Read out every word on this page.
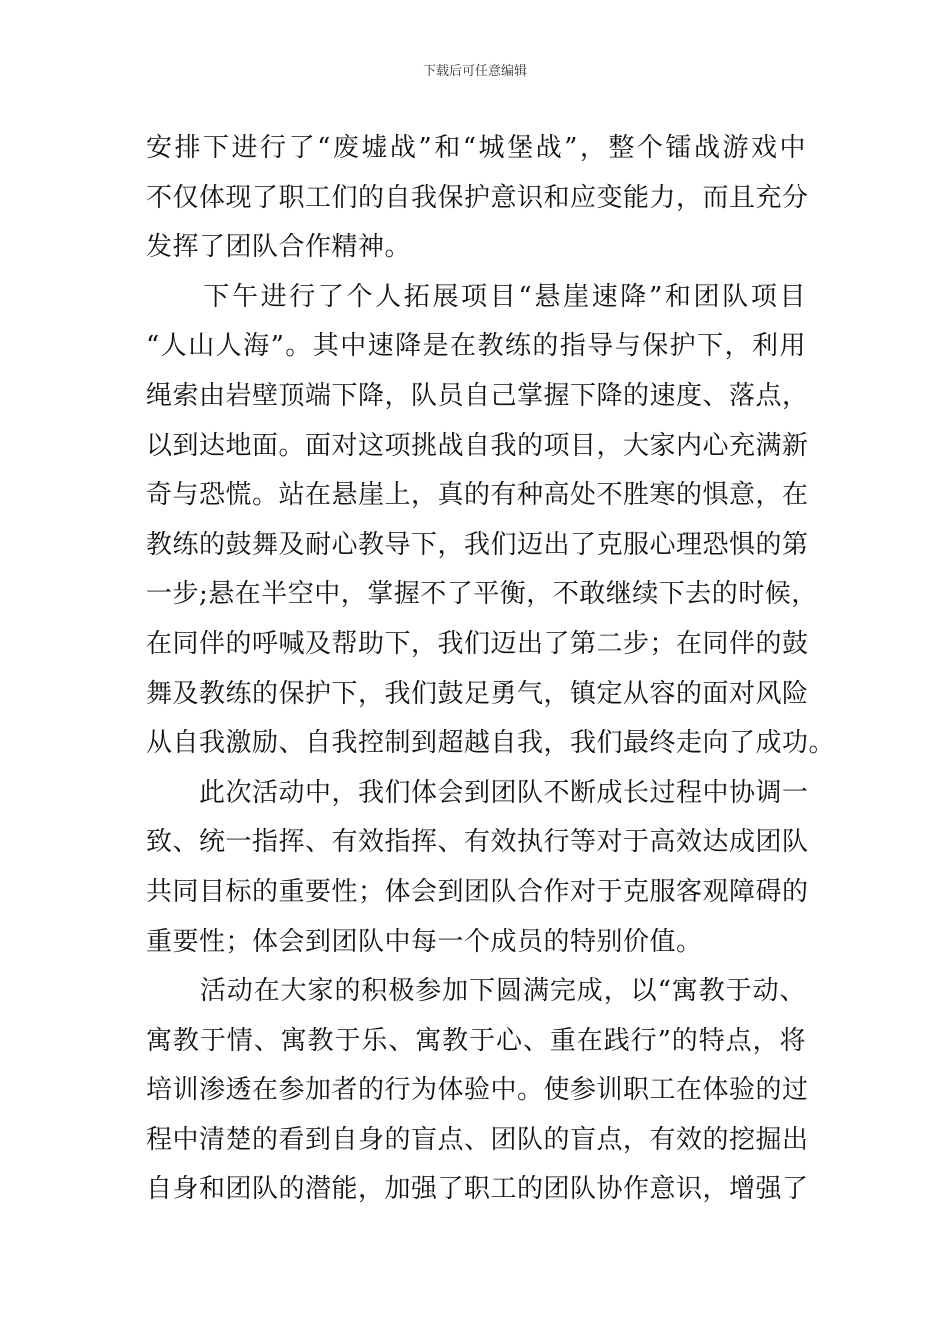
下载后可任意编辑
安排下进行了“废墟战”和“城堡战”，整个镭战游戏中
不仅体现了职工们的自我保护意识和应变能力，而且充分
发挥了团队合作精神。
　　下午进行了个人拓展项目“悬崖速降”和团队项目
“人山人海”。其中速降是在教练的指导与保护下，利用
绳索由岩壁顶端下降，队员自己掌握下降的速度、落点，
以到达地面。面对这项挑战自我的项目，大家内心充满新
奇与恐慌。站在悬崖上，真的有种高处不胜寒的惧意，在
教练的鼓舞及耐心教导下，我们迈出了克服心理恐惧的第
一步;悬在半空中，掌握不了平衡，不敢继续下去的时候，
在同伴的呼喊及帮助下，我们迈出了第二步；在同伴的鼓
舞及教练的保护下，我们鼓足勇气，镇定从容的面对风险
从自我激励、自我控制到超越自我，我们最终走向了成功。
　　此次活动中，我们体会到团队不断成长过程中协调一
致、统一指挥、有效指挥、有效执行等对于高效达成团队
共同目标的重要性；体会到团队合作对于克服客观障碍的
重要性；体会到团队中每一个成员的特别价值。
　　活动在大家的积极参加下圆满完成，以“寓教于动、
寓教于情、寓教于乐、寓教于心、重在践行”的特点，将
培训渗透在参加者的行为体验中。使参训职工在体验的过
程中清楚的看到自身的盲点、团队的盲点，有效的挖掘出
自身和团队的潜能，加强了职工的团队协作意识，增强了
